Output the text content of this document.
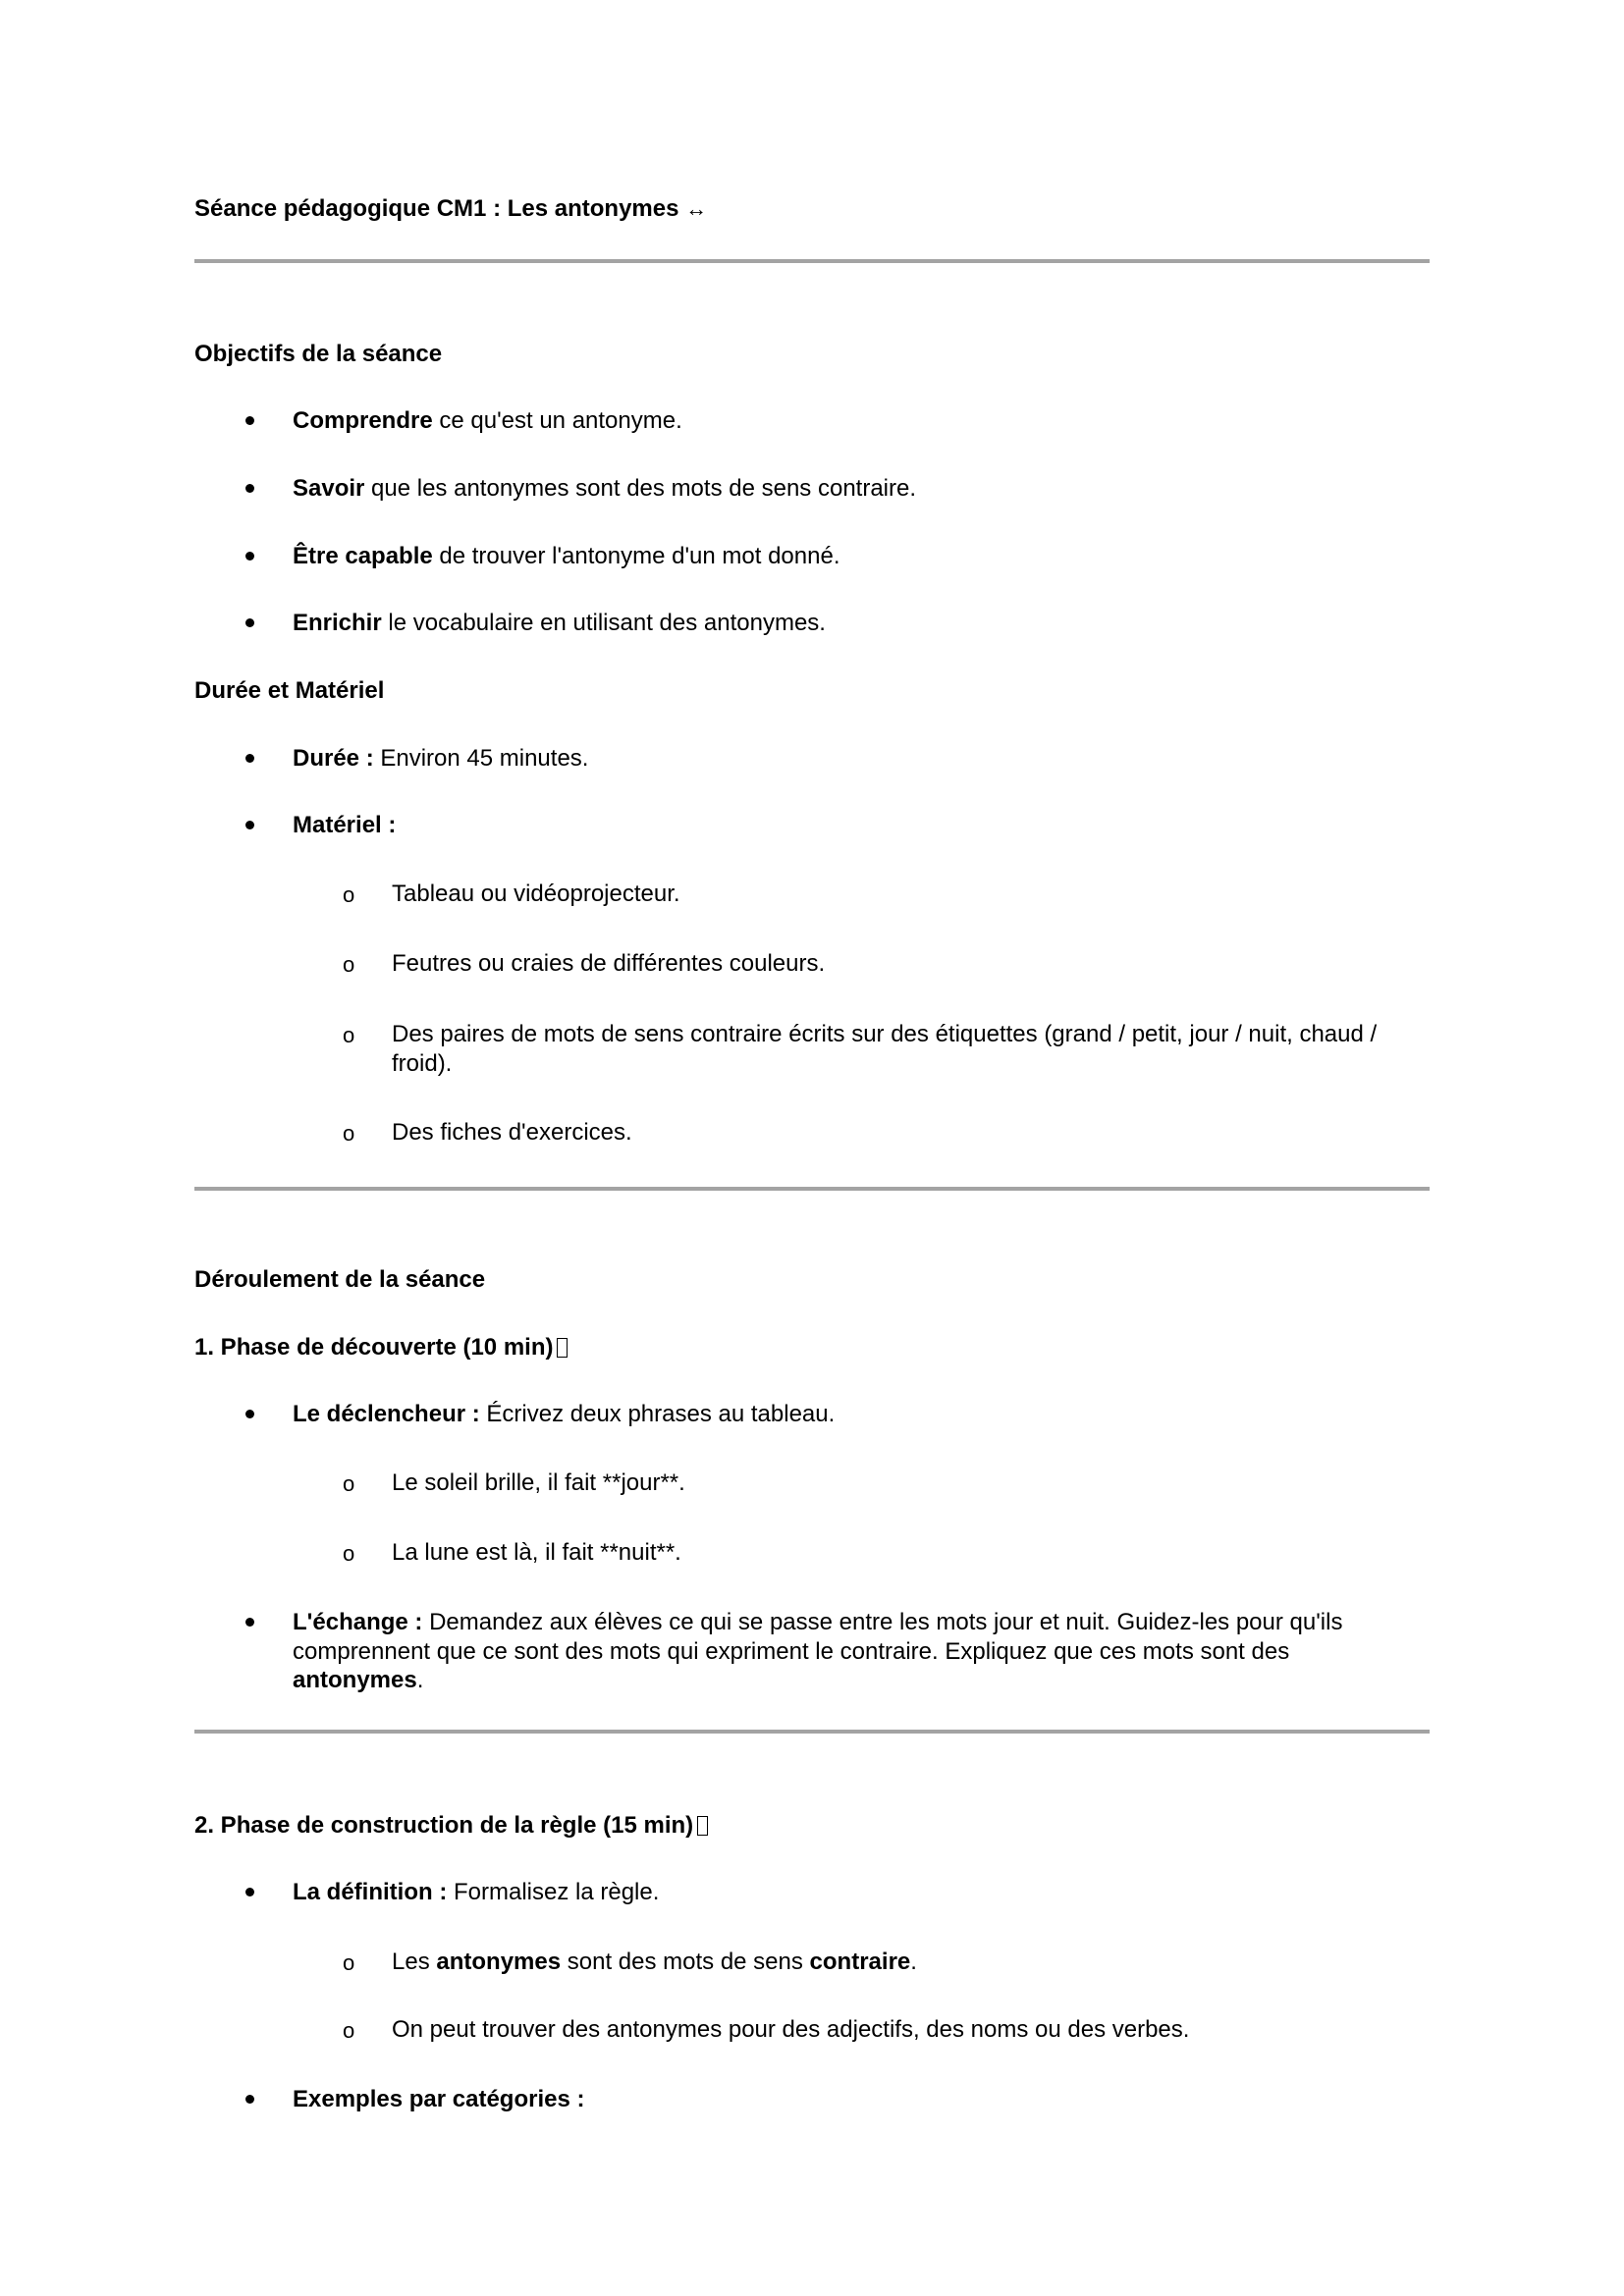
Séance pédagogique CM1 : Les antonymes ↔
Objectifs de la séance
Comprendre ce qu'est un antonyme.
Savoir que les antonymes sont des mots de sens contraire.
Être capable de trouver l'antonyme d'un mot donné.
Enrichir le vocabulaire en utilisant des antonymes.
Durée et Matériel
Durée : Environ 45 minutes.
Matériel :
o Tableau ou vidéoprojecteur.
o Feutres ou craies de différentes couleurs.
o Des paires de mots de sens contraire écrits sur des étiquettes (grand / petit, jour / nuit, chaud /
froid).
o Des fiches d'exercices.
Déroulement de la séance
1. Phase de découverte (10 min)
Le déclencheur : Écrivez deux phrases au tableau.
o Le soleil brille, il fait **jour**.
o La lune est là, il fait **nuit**.
L'échange : Demandez aux élèves ce qui se passe entre les mots jour et nuit. Guidez-les pour qu'ils
comprennent que ce sont des mots qui expriment le contraire. Expliquez que ces mots sont des
antonymes.
2. Phase de construction de la règle (15 min)
La définition : Formalisez la règle.
o Les antonymes sont des mots de sens contraire.
o On peut trouver des antonymes pour des adjectifs, des noms ou des verbes.
Exemples par catégories :
